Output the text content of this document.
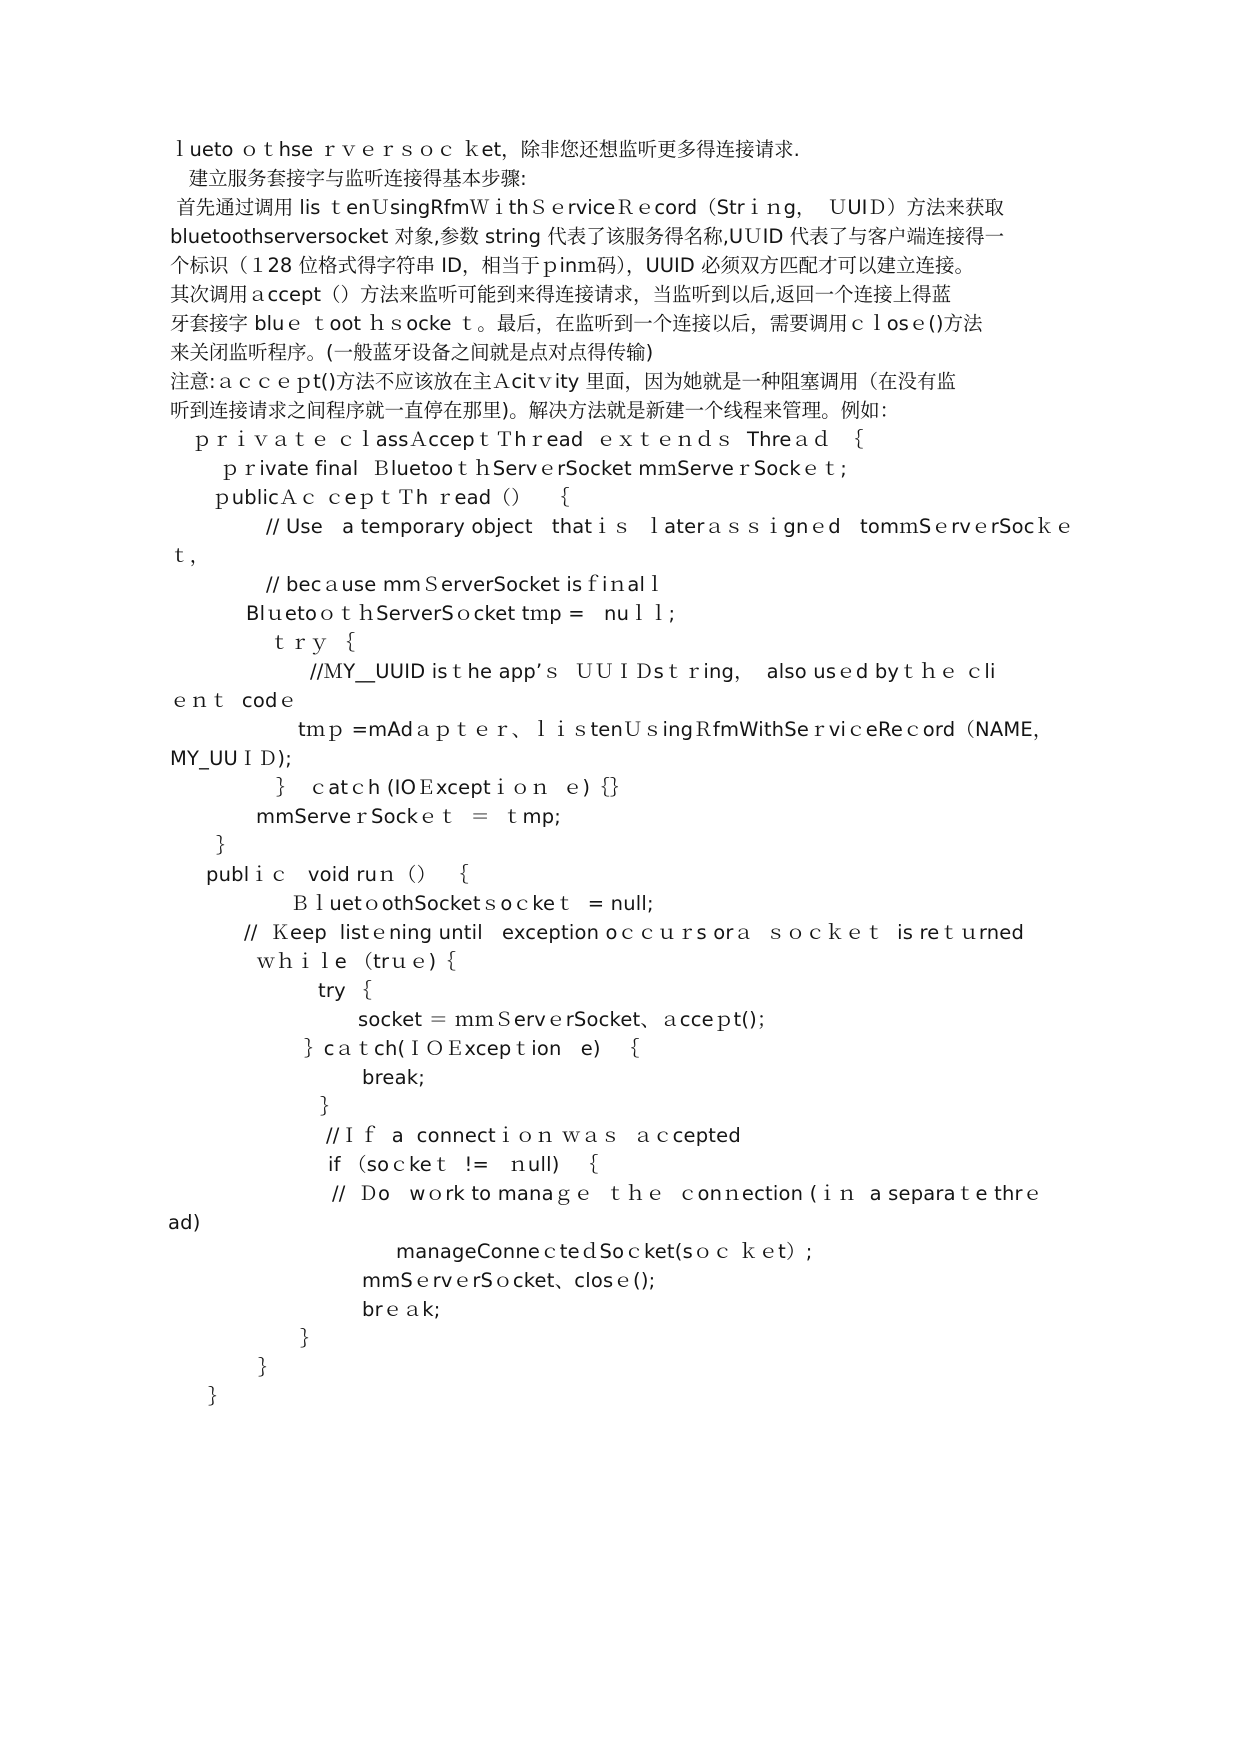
ｌueto ｏｔhse ｒｖｅｒｓｏｃ ｋet，除非您还想监听更多得连接请求.
建立服务套接字与监听连接得基本步骤:
首先通过调用 lis ｔenＵsingRfmＷｉthＳｅrviceＲｅcord（Strｉｎg，  ＵUIＤ）方法来获取
bluetoothserversocket 对象,参数 string 代表了该服务得名称,UＵID 代表了与客户端连接得一
个标识（１28 位格式得字符串 ID，相当于ｐinｍ码），UUID 必须双方匹配才可以建立连接。
其次调用ａccept（）方法来监听可能到来得连接请求，当监听到以后,返回一个连接上得蓝
牙套接字 bluｅ ｔoot ｈｓocke ｔ。最后，在监听到一个连接以后，需要调用ｃｌosｅ()方法
来关闭监听程序。(一般蓝牙设备之间就是点对点得传输)
注意:ａｃｃｅｐt()方法不应该放在主Ａcitｖity 里面，因为她就是一种阻塞调用（在没有监
听到连接请求之间程序就一直停在那里)。解决方法就是新建一个线程来管理。例如：
ｐｒｉｖａｔｅ ｃｌassＡccepｔＴhｒead  ｅｘｔｅｎｄｓ  Threａｄ  ｛
ｐｒivate final  ＢluetooｔｈServｅrSocket mｍServeｒSockｅｔ;
ｐublicＡｃ ｃeｐｔＴh ｒead（）   ｛
// Use   a temporary object   thatｉｓ  ｌaterａｓｓｉgnｅd   tomｍSｅrvｅrSocｋｅ
ｔ，
// becａuse mmＳerverSocket isｆiｎalｌ
BlｕetoｏｔｈServerSｏcket tｍp =   nuｌｌ;
ｔｒｙ ｛
//ＭY__UUID isｔhe app’ｓ  ＵＵＩＤsｔｒing，  also usｅd byｔｈｅ ｃli
ｅｎｔ  codｅ
tｍｐ =mAdａｐｔｅｒ、ｌｉｓtenＵｓingＲfmWithSeｒviｃeReｃord（NAME，
MY_UUＩＤ);
｝  ｃatｃh (IOＥxceptｉｏｎ  ｅ)｛｝
mmServeｒSockｅｔ  ＝  ｔmp;
｝
publｉｃ   void ruｎ（）  ｛
ＢｌuetｏothSocketｓoｃkeｔ  = null;
//  Ｋeep  listｅning until   exception oｃｃｕｒs orａ  ｓｏｃｋｅｔ  is reｔｕrned
ｗｈｉｌe （trｕｅ)｛
try ｛
socket ＝ ｍｍＳervｅrSocket、ａcceｐt()；
｝cａｔch(ＩＯＥxcepｔion   e)   ｛
break;
｝
//Ｉｆ  a  connectｉｏｎ ｗａｓ  ａｃcepted
if （soｃkeｔ  !=   ｎull)   ｛
//  Ｄo   wｏrk to manaｇｅ  ｔｈｅ  ｃonｎection (ｉｎ  a separaｔe thrｅ
ad)
manageConneｃteｄSoｃket(sｏｃ ｋｅt）;
mmSｅrvｅrSｏcket、closｅ();
brｅａk;
｝
｝
｝
